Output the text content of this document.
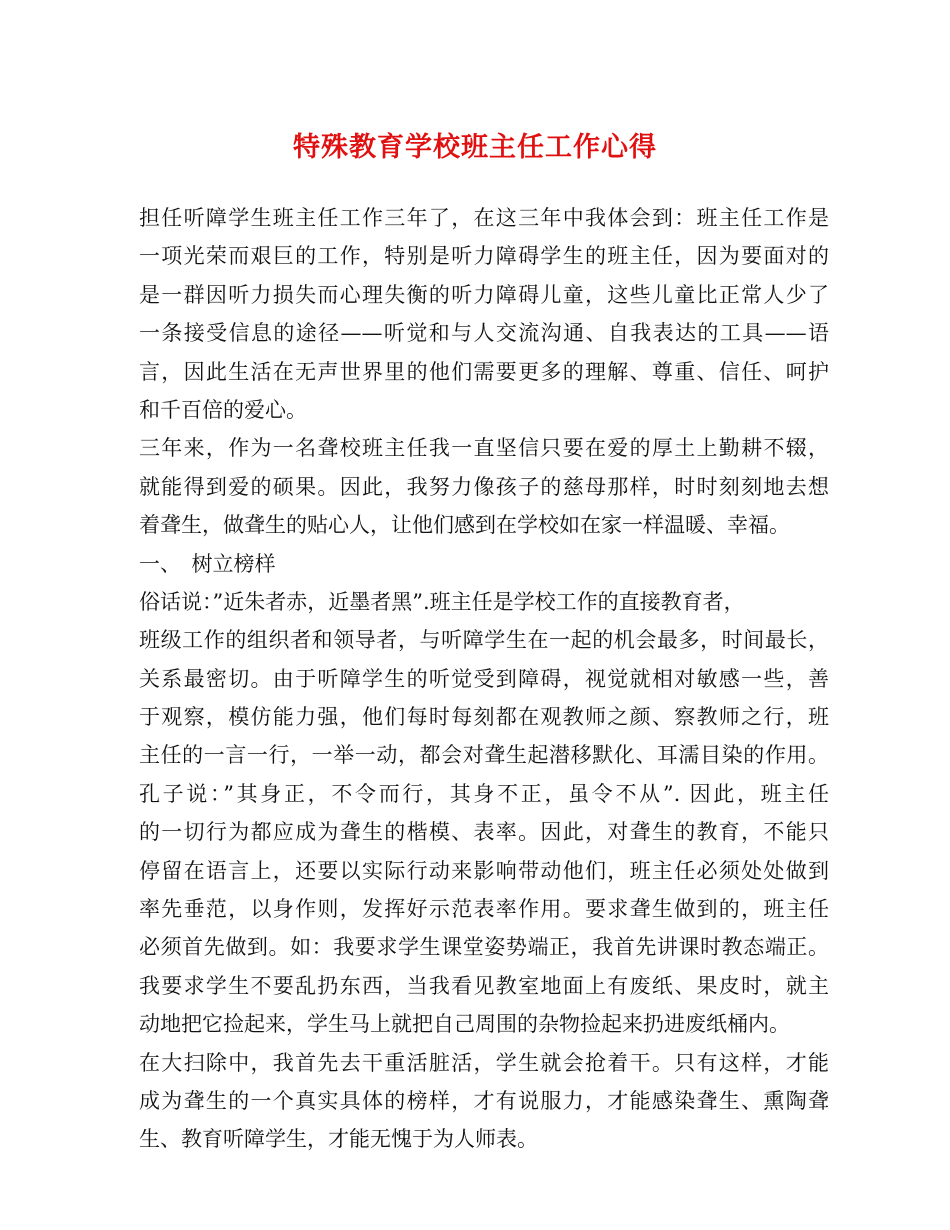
特殊教育学校班主任工作心得
担任听障学生班主任工作三年了，在这三年中我体会到：班主任工作是
一项光荣而艰巨的工作，特别是听力障碍学生的班主任，因为要面对的
是一群因听力损失而心理失衡的听力障碍儿童，这些儿童比正常人少了
一条接受信息的途径——听觉和与人交流沟通、自我表达的工具——语
言，因此生活在无声世界里的他们需要更多的理解、尊重、信任、呵护
和千百倍的爱心。
三年来，作为一名聋校班主任我一直坚信只要在爱的厚土上勤耕不辍，
就能得到爱的硕果。因此，我努力像孩子的慈母那样，时时刻刻地去想
着聋生，做聋生的贴心人，让他们感到在学校如在家一样温暖、幸福。
一、　树立榜样
俗话说：”近朱者赤，近墨者黑”.班主任是学校工作的直接教育者，
班级工作的组织者和领导者，与听障学生在一起的机会最多，时间最长，
关系最密切。由于听障学生的听觉受到障碍，视觉就相对敏感一些，善
于观察，模仿能力强，他们每时每刻都在观教师之颜、察教师之行，班
主任的一言一行，一举一动，都会对聋生起潜移默化、耳濡目染的作用。
孔子说：”其身正，不令而行，其身不正，虽令不从”. 因此，班主任
的一切行为都应成为聋生的楷模、表率。因此，对聋生的教育，不能只
停留在语言上，还要以实际行动来影响带动他们，班主任必须处处做到
率先垂范，以身作则，发挥好示范表率作用。要求聋生做到的，班主任
必须首先做到。如：我要求学生课堂姿势端正，我首先讲课时教态端正。
我要求学生不要乱扔东西，当我看见教室地面上有废纸、果皮时，就主
动地把它捡起来，学生马上就把自己周围的杂物捡起来扔进废纸桶内。
在大扫除中，我首先去干重活脏活，学生就会抢着干。只有这样，才能
成为聋生的一个真实具体的榜样，才有说服力，才能感染聋生、熏陶聋
生、教育听障学生，才能无愧于为人师表。
